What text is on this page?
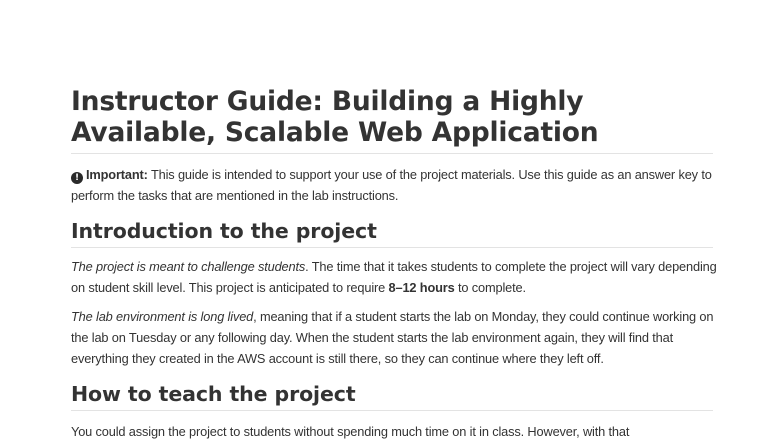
Instructor Guide: Building a Highly Available, Scalable Web Application
! Important: This guide is intended to support your use of the project materials. Use this guide as an answer key to perform the tasks that are mentioned in the lab instructions.
Introduction to the project
The project is meant to challenge students. The time that it takes students to complete the project will vary depending on student skill level. This project is anticipated to require 8–12 hours to complete.
The lab environment is long lived, meaning that if a student starts the lab on Monday, they could continue working on the lab on Tuesday or any following day. When the student starts the lab environment again, they will find that everything they created in the AWS account is still there, so they can continue where they left off.
How to teach the project
You could assign the project to students without spending much time on it in class. However, with that
